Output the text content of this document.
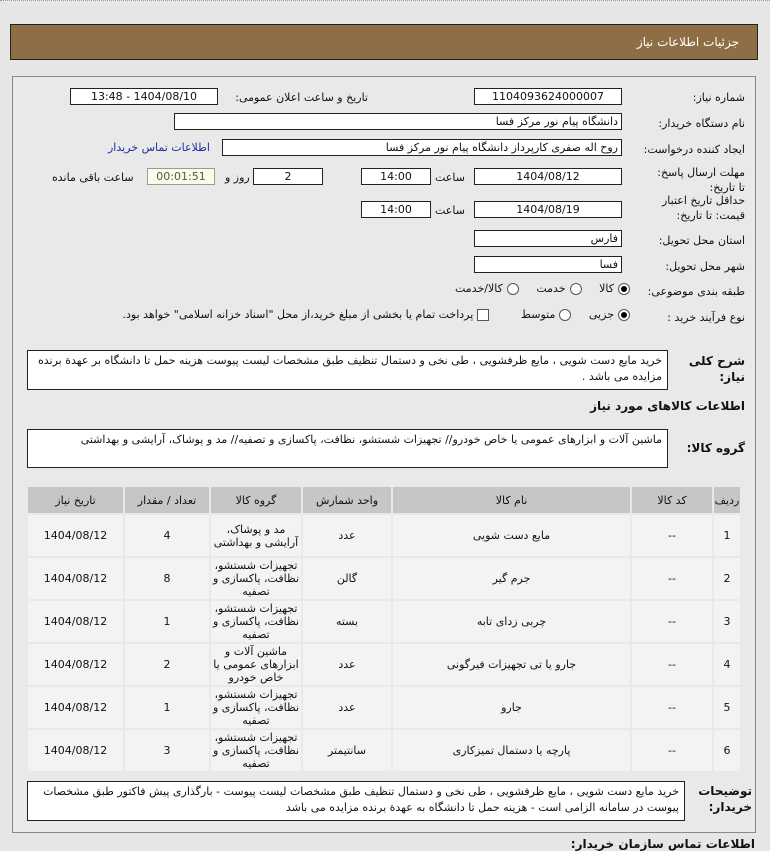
جزئیات اطلاعات نیاز
شماره نیاز:
1104093624000007
تاریخ و ساعت اعلان عمومی:
1404/08/10 - 13:48
نام دستگاه خریدار:
دانشگاه پیام نور مرکز فسا
ایجاد کننده درخواست:
روح اله صفری کارپرداز دانشگاه پیام نور مرکز فسا
اطلاعات تماس خریدار
مهلت ارسال پاسخ: تا تاریخ:
1404/08/12
ساعت
14:00
2
روز و
00:01:51
ساعت باقی مانده
حداقل تاریخ اعتبار قیمت: تا تاریخ:
1404/08/19
ساعت
14:00
استان محل تحویل:
فارس
شهر محل تحویل:
فسا
طبقه بندی موضوعی:
کالا

خدمت

کالا/خدمت
نوع فرآیند خرید :
جزیی

متوسط

پرداخت تمام یا بخشی از مبلغ خرید،از محل "اسناد خزانه اسلامی" خواهد بود.
شرح کلی نیاز:
خرید مایع دست شویی ، مایع ظرفشویی ، طی نخی و دستمال تنظیف طبق مشخصات لیست پیوست هزینه حمل تا دانشگاه بر عهدة برنده مزایده می باشد .
اطلاعات کالاهای مورد نیاز
گروه کالا:
ماشین آلات و ابزارهای عمومی یا خاص خودرو// تجهیزات شستشو، نظافت، پاکسازی و تصفیه// مد و پوشاک، آرایشی و بهداشتی
ردیف	کد کالا	نام کالا	واحد شمارش	گروه کالا	تعداد / مقدار	تاریخ نیاز
1	--	مایع دست شویی	عدد	مد و پوشاک، آرایشی و بهداشتی	4	1404/08/12
2	--	جرم گیر	گالن	تجهیزات شستشو، نظافت، پاکسازی و تصفیه	8	1404/08/12
3	--	چربی زدای تابه	بسته	تجهیزات شستشو، نظافت، پاکسازی و تصفیه	1	1404/08/12
4	--	جارو یا تی تجهیزات فیرگونی	عدد	ماشین آلات و ابزارهای عمومی یا خاص خودرو	2	1404/08/12
5	--	جارو	عدد	تجهیزات شستشو، نظافت، پاکسازی و تصفیه	1	1404/08/12
6	--	پارچه یا دستمال تمیزکاری	سانتیمتر	تجهیزات شستشو، نظافت، پاکسازی و تصفیه	3	1404/08/12
توضیحات خریدار:
خرید مایع دست شویی ، مایع ظرفشویی ، طی نخی و دستمال تنظیف طبق مشخصات لیست پیوست - بارگذاری پیش فاکتور طبق مشخصات پیوست در سامانه الزامی است - هزینه حمل تا دانشگاه به عهدة برنده مزایده می باشد
اطلاعات تماس سازمان خریدار:
